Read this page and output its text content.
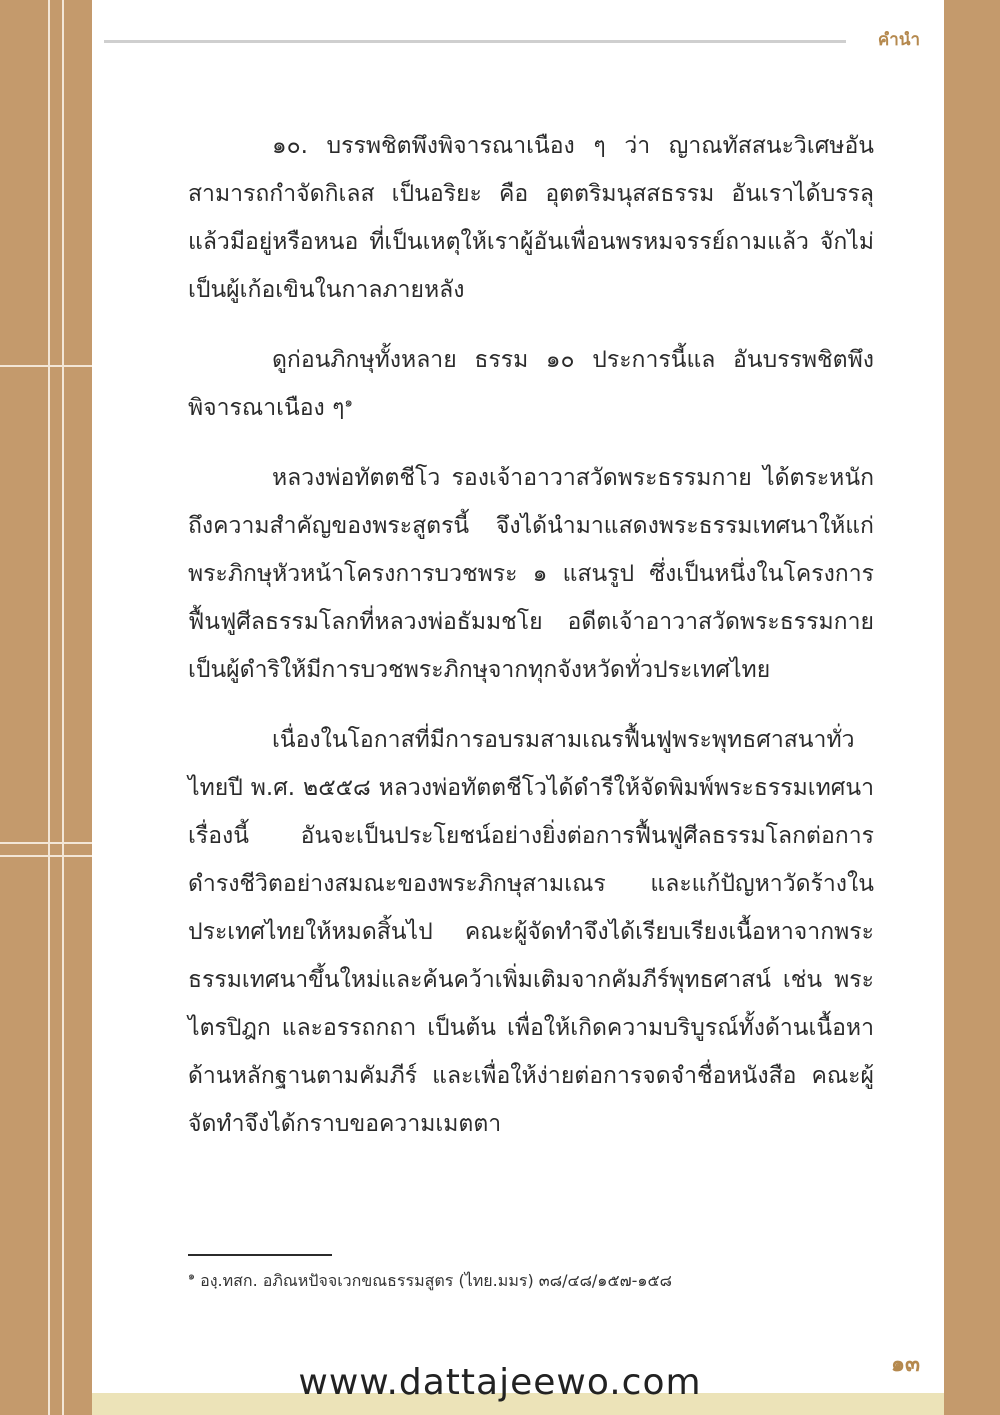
คำนำ

๑๐. บรรพชิตพึงพิจารณาเนือง ๆ ว่า ญาณทัสสนะวิเศษอันสามารถกำจัดกิเลส เป็นอริยะ คือ อุตตริมนุสสธรรม อันเราได้บรรลุแล้วมีอยู่หรือหนอ ที่เป็นเหตุให้เราผู้อันเพื่อนพรหมจรรย์ถามแล้ว จักไม่เป็นผู้เก้อเขินในกาลภายหลัง

ดูก่อนภิกษุทั้งหลาย ธรรม ๑๐ ประการนี้แล อันบรรพชิตพึงพิจารณาเนือง ๆ$^๑$

หลวงพ่อทัตตชีโว รองเจ้าอาวาสวัดพระธรรมกาย ได้ตระหนักถึงความสำคัญของพระสูตรนี้ จึงได้นำมาแสดงพระธรรมเทศนาให้แก่พระภิกษุหัวหน้าโครงการบวชพระ ๑ แสนรูป ซึ่งเป็นหนึ่งในโครงการฟื้นฟูศีลธรรมโลกที่หลวงพ่อธัมมชโย อดีตเจ้าอาวาสวัดพระธรรมกาย เป็นผู้ดำริให้มีการบวชพระภิกษุจากทุกจังหวัดทั่วประเทศไทย

เนื่องในโอกาสที่มีการอบรมสามเณรฟื้นฟูพระพุทธศาสนาทั่วไทยปี พ.ศ. ๒๕๕๘ หลวงพ่อทัตตชีโวได้ดำรีให้จัดพิมพ์พระธรรมเทศนาเรื่องนี้ อันจะเป็นประโยชน์อย่างยิ่งต่อการฟื้นฟูศีลธรรมโลกต่อการดำรงชีวิตอย่างสมณะของพระภิกษุสามเณร และแก้ปัญหาวัดร้างในประเทศไทยให้หมดสิ้นไป คณะผู้จัดทำจึงได้เรียบเรียงเนื้อหาจากพระธรรมเทศนาขึ้นใหม่และค้นคว้าเพิ่มเติมจากคัมภีร์พุทธศาสน์ เช่น พระไตรปิฎก และอรรถกถา เป็นต้น เพื่อให้เกิดความบริบูรณ์ทั้งด้านเนื้อหา ด้านหลักฐานตามคัมภีร์ และเพื่อให้ง่ายต่อการจดจำชื่อหนังสือ คณะผู้จัดทำจึงได้กราบขอความเมตตา

$^๑$ องฺ.ทสก. อภิณหปัจจเวกขณธรรมสูตร (ไทย.มมร) ๓๘/๔๘/๑๕๗-๑๕๘
๑๓
www.dattajeewo.com
